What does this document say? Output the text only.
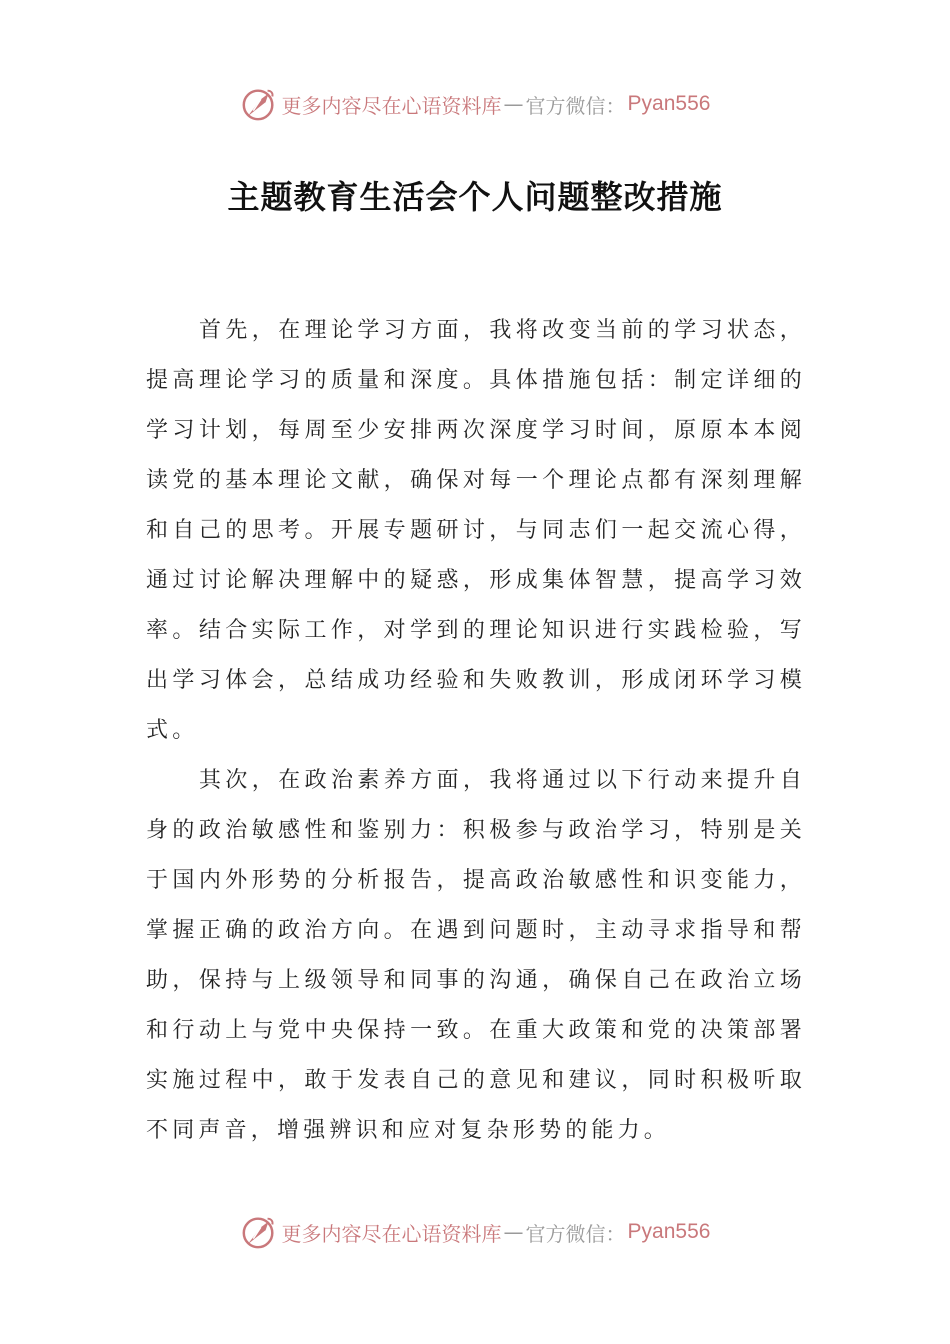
更多内容尽在心语资料库 — 官方微信： Pyan556
主题教育生活会个人问题整改措施

首先，在理论学习方面，我将改变当前的学习状态，提高理论学习的质量和深度。具体措施包括：制定详细的学习计划，每周至少安排两次深度学习时间，原原本本阅读党的基本理论文献，确保对每一个理论点都有深刻理解和自己的思考。开展专题研讨，与同志们一起交流心得，通过讨论解决理解中的疑惑，形成集体智慧，提高学习效率。结合实际工作，对学到的理论知识进行实践检验，写出学习体会，总结成功经验和失败教训，形成闭环学习模式。

其次，在政治素养方面，我将通过以下行动来提升自身的政治敏感性和鉴别力：积极参与政治学习，特别是关于国内外形势的分析报告，提高政治敏感性和识变能力，掌握正确的政治方向。在遇到问题时，主动寻求指导和帮助，保持与上级领导和同事的沟通，确保自己在政治立场和行动上与党中央保持一致。在重大政策和党的决策部署实施过程中，敢于发表自己的意见和建议，同时积极听取不同声音，增强辨识和应对复杂形势的能力。

更多内容尽在心语资料库 — 官方微信： Pyan556
